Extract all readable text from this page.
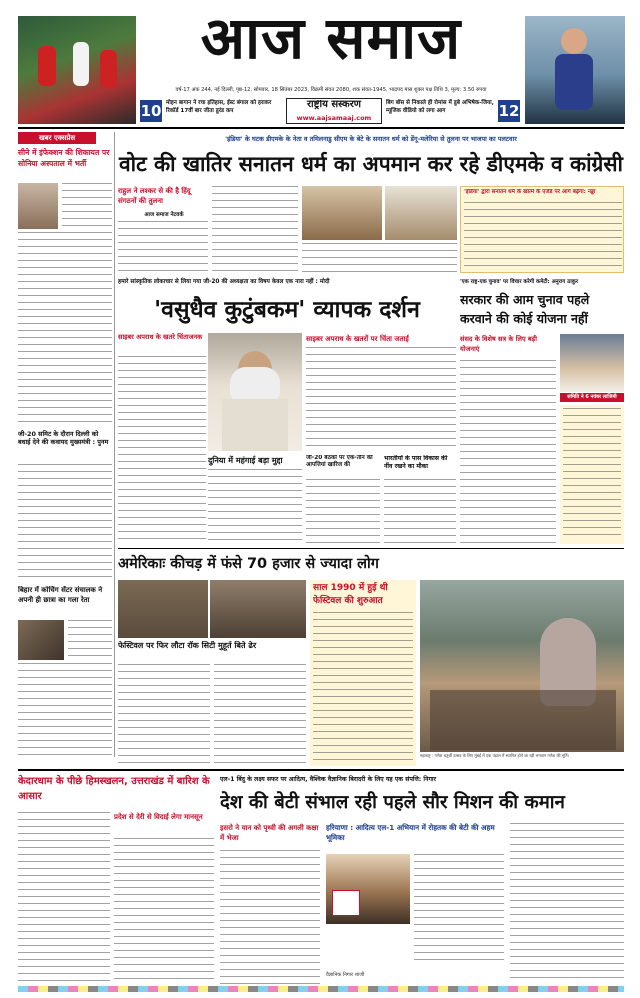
आज समाज
वर्ष-17 अंक 244, नई दिल्ली, पृष्ठ-12, सोमवार, 18 सितंबर 2023, विक्रमी संवत 2080, शक संवत-1945, भाद्रपद मास शुक्ल पक्ष तिथि 3, मूल्य: 3.50 रुपया
10 मोहन बागान ने रचा इतिहास, ईस्ट बंगाल को हराकर रिकॉर्ड 17वीं बार जीता डूरंड कप
राष्ट्रीय संस्करण
www.aajsamaaj.com
बिग बॉस से निकाले ही रोमांस में डूबे अभिषेक-जिया, म्यूजिक वीडियो को लगा आग	12
खबर एक्सप्रेस
सीने में इंफेक्शन की शिकायत पर सोनिया अस्पताल में भर्ती
जी-20 समिट के दौरान दिल्ली को बधाई देने की कवायद मुख्यमंत्री : पुनम
बिहार में कोचिंग सेंटर संचालक ने अपनी ही छात्रा का गला रेता
'इंडिया' के घटक डीएमके के नेता व तमिलनाडु सीएम के बेटे के सनातन धर्म को डेंगू-मलेरिया से तुलना पर भाजपा का पलटवार
वोट की खातिर सनातन धर्म का अपमान कर रहे डीएमके व कांग्रेसी
राहुल ने लश्कर से की है हिंदू संगठनों की तुलना
आज समाज नेटवर्क
'इंडिया' द्वारा सनातन धर्म के खात्मे के एजेंडे पर आगे बढ़ेगा: नड्डा
हमारे सांस्कृतिक लोकाचार से लिया गया जी-20 की अध्यक्षता का विषय केवल एक नारा नहीं : मोदी
'वसुधैव कुटुंबकम' व्यापक दर्शन
साइबर अपराध के खतरे चिंताजनक	साइबर अपराध के खतरों पर चिंता जताई
दुनिया में महंगाई बड़ा मुद्दा	जी-20 बैठकों पर एक-तीन की आपत्तियां खारिज की
भारतीयों के पास विकास की नींव रखने का मौका
'एक राष्ट्र-एक चुनाव' पर विचार करेगी कमेटी: अनुराग ठाकुर
सरकार की आम चुनाव पहले करवाने की कोई योजना नहीं
संसद के विशेष सत्र के लिए बड़ी योजनाएं
समिति ने 6 नवंबर लाजिमी
अमेरिकाः कीचड़ में फंसे 70 हजार से ज्यादा लोग
फेस्टिवल पर फिर लौटा रॉक सिटी मुहूर्त बिते ढेर
साल 1990 में हुई थी फेस्टिवल की शुरुआत
महाराष्ट्र : गणेश चतुर्थी उत्सव के लिए मुंबई में एक पंडाल में स्थापित होने जा रही भगवान गणेश की मूर्ति।
केदारधाम के पीछे हिमस्खलन, उत्तराखंड में बारिश के आसार
प्रदेश से देरी से विदाई लेगा मानसून
एल-1 बिंदु के लक्ष्य सफर पर आदित्य, वैश्विक वैज्ञानिक बिरादरी के लिए यह एक संपत्ति: निगार
देश की बेटी संभाल रही पहले सौर मिशन की कमान
इसरो ने यान को पृथ्वी की अगली कक्षा में भेजा
हरियाणा : आदित्य एल-1 अभियान में रोहतक की बेटी की अहम भूमिका
वैज्ञानिक निगार शाजी
